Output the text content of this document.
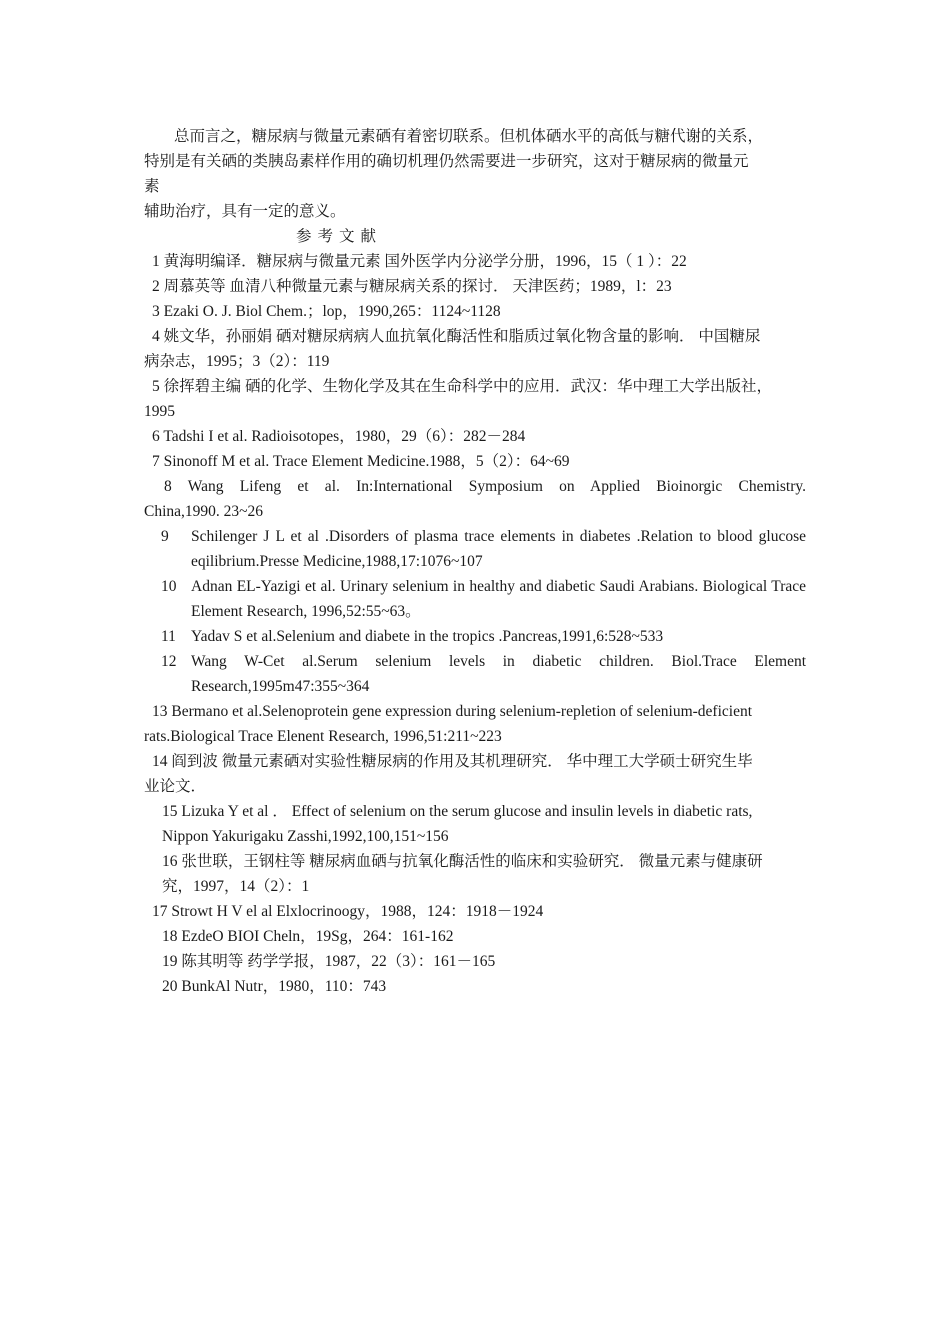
总而言之，糖尿病与微量元素硒有着密切联系。但机体硒水平的高低与糖代谢的关系，
特别是有关硒的类胰岛素样作用的确切机理仍然需要进一步研究，这对于糖尿病的微量元
素
辅助治疗，具有一定的意义。
参考文献
1 黄海明编译．糖尿病与微量元素 国外医学内分泌学分册，1996，15（ 1 ）：22
2 周慕英等 血清八种微量元素与糖尿病关系的探讨． 天津医药；1989，l：23
3 Ezaki O. J. Biol Chem.；lop，1990,265：1124~1128
4 姚文华，孙丽娟 硒对糖尿病病人血抗氧化酶活性和脂质过氧化物含量的影响． 中国糖尿
病杂志，1995；3（2）：119
5 徐挥碧主编 硒的化学、生物化学及其在生命科学中的应用．武汉：华中理工大学出版社，
1995
6 Tadshi I et al. Radioisotopes，1980，29（6）：282－284
7 Sinonoff M et al. Trace Element Medicine.1988，5（2）：64~69
8 Wang Lifeng et al. In:International Symposium on Applied Bioinorgic Chemistry.
China,1990. 23~26
9	Schilenger J L et al .Disorders of plasma trace elements in diabetes .Relation to blood glucose eqilibrium.Presse Medicine,1988,17:1076~107
10 Adnan EL-Yazigi et al. Urinary selenium in healthy and diabetic Saudi Arabians. Biological Trace Element Research, 1996,52:55~63。
11 Yadav S et al.Selenium and diabete in the tropics .Pancreas,1991,6:528~533
12 Wang W-Cet al.Serum selenium levels in diabetic children. Biol.Trace Element Research,1995m47:355~364
13 Bermano et al.Selenoprotein gene expression during selenium-repletion of selenium-deficient
rats.Biological Trace Elenent Research, 1996,51:211~223
14 阎到波 微量元素硒对实验性糖尿病的作用及其机理研究． 华中理工大学硕士研究生毕
业论文．
15 Lizuka Y et al ． Effect of selenium on the serum glucose and insulin levels in diabetic rats,
Nippon Yakurigaku Zasshi,1992,100,151~156
16 张世联，王钢柱等 糖尿病血硒与抗氧化酶活性的临床和实验研究． 微量元素与健康研
究，1997，14（2）：1
17 Strowt H V el al Elxlocrinoogy，1988，124：1918－1924
18 EzdeO BIOI Cheln，19Sg，264：161-162
19 陈其明等 药学学报，1987，22（3）：161－165
20 BunkAl Nutr，1980，110：743
